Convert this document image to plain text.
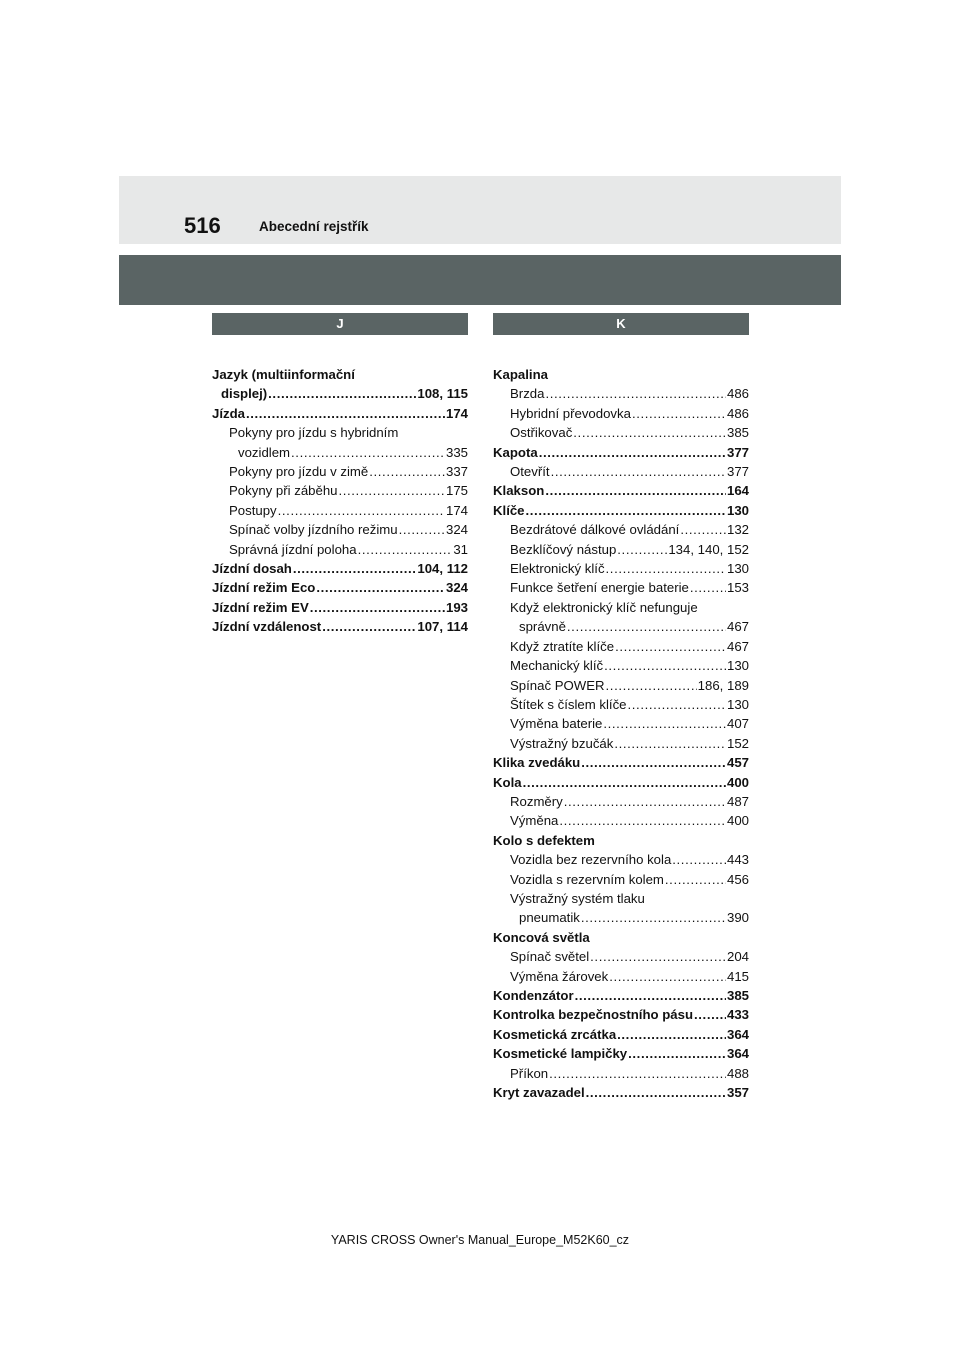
516	Abecední rejstřík
J
Jazyk (multiinformační
displej) .....	108, 115
Jízda .....	174
Pokyny pro jízdu s hybridním
vozidlem .....	335
Pokyny pro jízdu v zimě .....	337
Pokyny při záběhu .....	175
Postupy .....	174
Spínač volby jízdního režimu .....	324
Správná jízdní poloha .....	31
Jízdní dosah .....	104, 112
Jízdní režim Eco .....	324
Jízdní režim EV .....	193
Jízdní vzdálenost .....	107, 114
K
Kapalina
Brzda .....	486
Hybridní převodovka .....	486
Ostřikovač .....	385
Kapota .....	377
Otevřít .....	377
Klakson .....	164
Klíče .....	130
Bezdrátové dálkové ovládání .....	132
Bezklíčový nástup .....	134, 140, 152
Elektronický klíč .....	130
Funkce šetření energie baterie .....	153
Když elektronický klíč nefunguje
správně .....	467
Když ztratíte klíče .....	467
Mechanický klíč .....	130
Spínač POWER .....	186, 189
Štítek s číslem klíče .....	130
Výměna baterie .....	407
Výstražný bzučák .....	152
Klika zvedáku .....	457
Kola .....	400
Rozměry .....	487
Výměna .....	400
Kolo s defektem
Vozidla bez rezervního kola .....	443
Vozidla s rezervním kolem .....	456
Výstražný systém tlaku
pneumatik .....	390
Koncová světla
Spínač světel .....	204
Výměna žárovek .....	415
Kondenzátor .....	385
Kontrolka bezpečnostního pásu .....	433
Kosmetická zrcátka .....	364
Kosmetické lampičky .....	364
Příkon .....	488
Kryt zavazadel .....	357
YARIS CROSS Owner's Manual_Europe_M52K60_cz
